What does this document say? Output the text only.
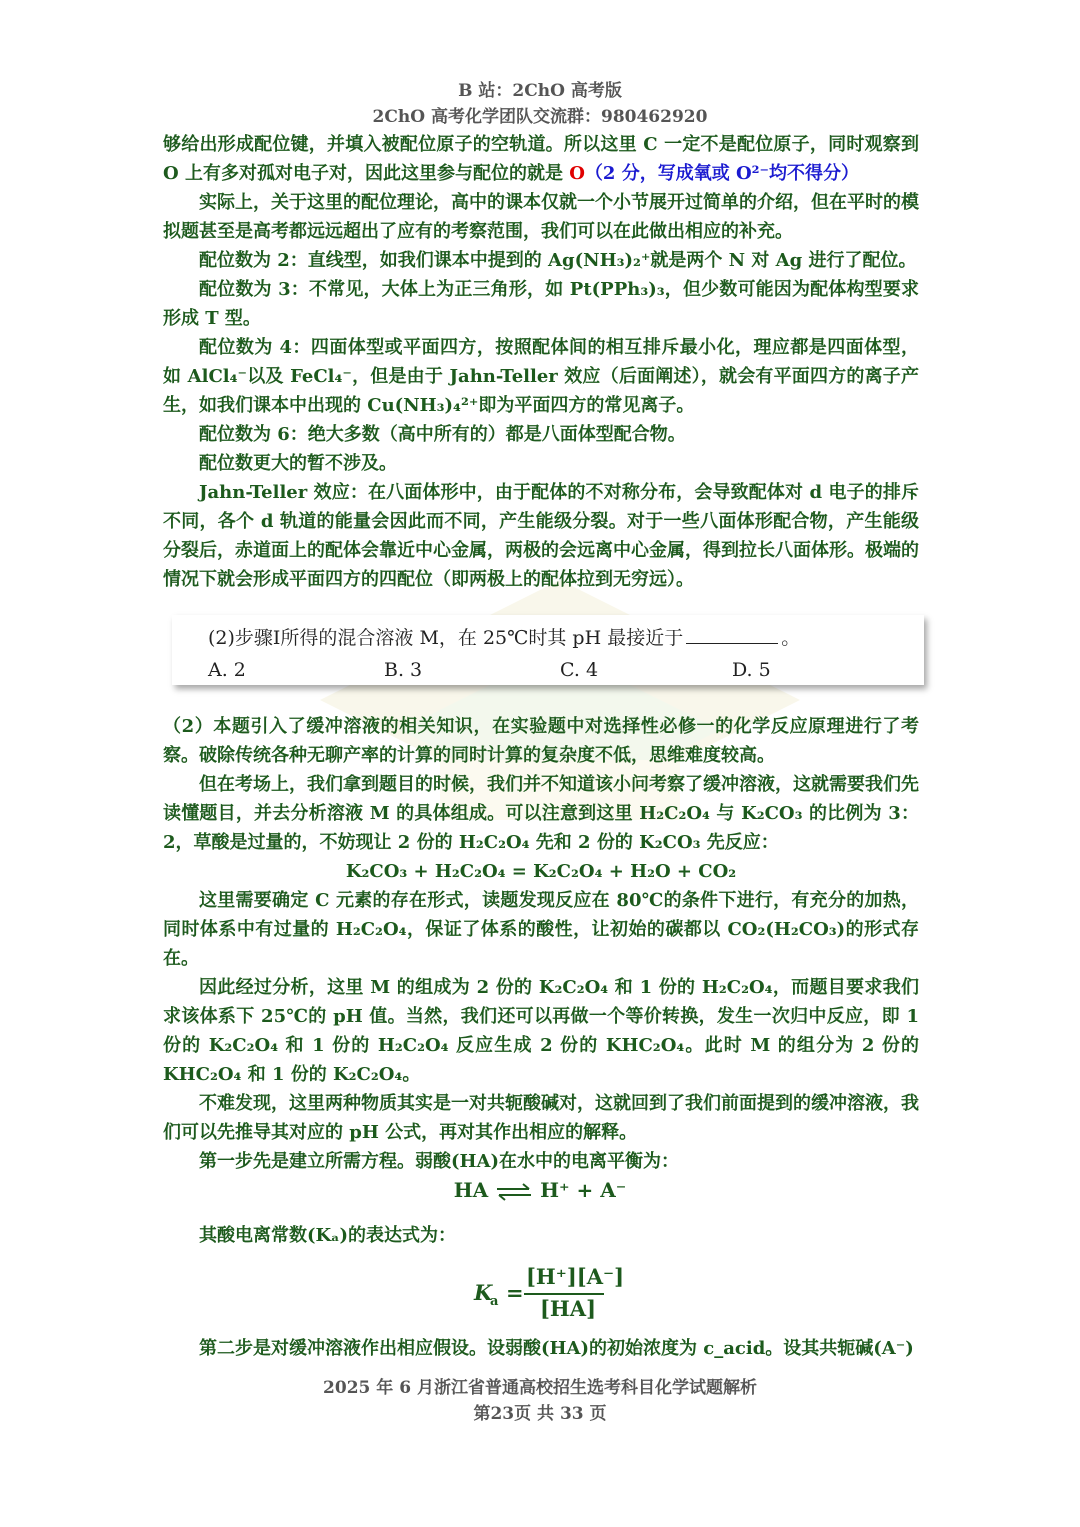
B 站：2ChO 高考版
2ChO 高考化学团队交流群：980462920

够给出形成配位键，并填入被配位原子的空轨道。所以这里 C 一定不是配位原子，同时观察到 O 上有多对孤对电子对，因此这里参与配位的就是 O（2 分，写成氧或 O²⁻均不得分）

实际上，关于这里的配位理论，高中的课本仅就一个小节展开过简单的介绍，但在平时的模拟题甚至是高考都远远超出了应有的考察范围，我们可以在此做出相应的补充。

配位数为 2：直线型，如我们课本中提到的 Ag(NH₃)₂⁺就是两个 N 对 Ag 进行了配位。

配位数为 3：不常见，大体上为正三角形，如 Pt(PPh₃)₃，但少数可能因为配体构型要求形成 T 型。

配位数为 4：四面体型或平面四方，按照配体间的相互排斥最小化，理应都是四面体型，如 AlCl₄⁻以及 FeCl₄⁻，但是由于 Jahn-Teller 效应（后面阐述），就会有平面四方的离子产生，如我们课本中出现的 Cu(NH₃)₄²⁺即为平面四方的常见离子。

配位数为 6：绝大多数（高中所有的）都是八面体型配合物。

配位数更大的暂不涉及。

Jahn-Teller 效应：在八面体形中，由于配体的不对称分布，会导致配体对 d 电子的排斥不同，各个 d 轨道的能量会因此而不同，产生能级分裂。对于一些八面体形配合物，产生能级分裂后，赤道面上的配体会靠近中心金属，两极的会远离中心金属，得到拉长八面体形。极端的情况下就会形成平面四方的四配位（即两极上的配体拉到无穷远）。

(2)步骤Ⅰ所得的混合溶液 M，在 25℃时其 pH 最接近于	。
A. 2	B. 3	C. 4	D. 5

（2）本题引入了缓冲溶液的相关知识，在实验题中对选择性必修一的化学反应原理进行了考察。破除传统各种无聊产率的计算的同时计算的复杂度不低，思维难度较高。

但在考场上，我们拿到题目的时候，我们并不知道该小问考察了缓冲溶液，这就需要我们先读懂题目，并去分析溶液 M 的具体组成。可以注意到这里 H₂C₂O₄ 与 K₂CO₃ 的比例为 3：2，草酸是过量的，不妨现让 2 份的 H₂C₂O₄ 先和 2 份的 K₂CO₃ 先反应：

K₂CO₃ + H₂C₂O₄ = K₂C₂O₄ + H₂O + CO₂

这里需要确定 C 元素的存在形式，读题发现反应在 80℃的条件下进行，有充分的加热，同时体系中有过量的 H₂C₂O₄，保证了体系的酸性，让初始的碳都以 CO₂(H₂CO₃)的形式存在。

因此经过分析，这里 M 的组成为 2 份的 K₂C₂O₄ 和 1 份的 H₂C₂O₄，而题目要求我们求该体系下 25℃的 pH 值。当然，我们还可以再做一个等价转换，发生一次归中反应，即 1 份的 K₂C₂O₄ 和 1 份的 H₂C₂O₄ 反应生成 2 份的 KHC₂O₄。此时 M 的组分为 2 份的 KHC₂O₄ 和 1 份的 K₂C₂O₄。

不难发现，这里两种物质其实是一对共轭酸碱对，这就回到了我们前面提到的缓冲溶液，我们可以先推导其对应的 pH 公式，再对其作出相应的解释。

第一步先是建立所需方程。弱酸(HA)在水中的电离平衡为：

HA ⇌ H⁺ + A⁻

其酸电离常数(Kₐ)的表达式为：

K
a =
[H⁺][A⁻]
[HA]

第二步是对缓冲溶液作出相应假设。设弱酸(HA)的初始浓度为 c_acid。设其共轭碱(A⁻)

2025 年 6 月浙江省普通高校招生选考科目化学试题解析
第23页 共 33 页
